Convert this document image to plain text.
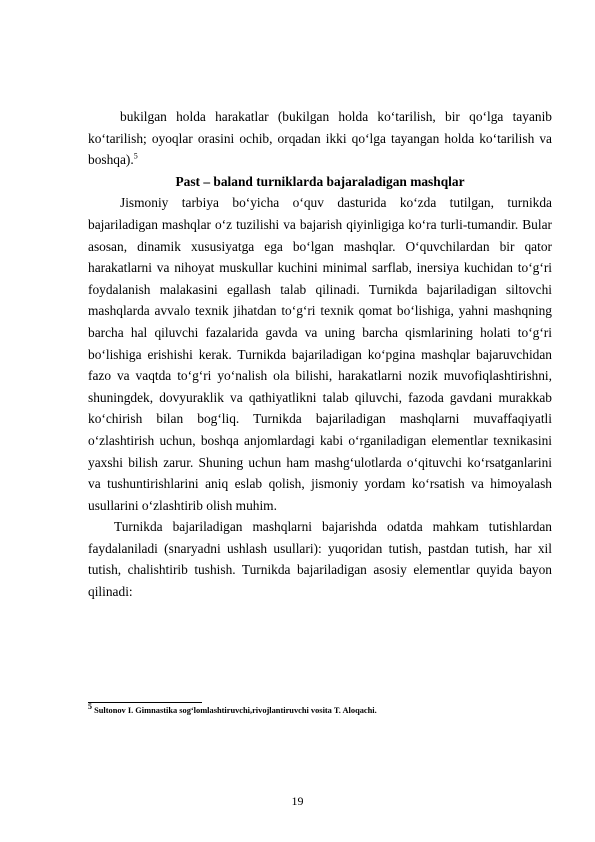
bukilgan holda harakatlar (bukilgan holda ko‘tarilish, bir qo‘lga tayanib ko‘tarilish; oyoqlar orasini ochib, orqadan ikki qo‘lga tayangan holda ko‘tarilish va boshqa).$^5$

Past – baland turniklarda bajaraladigan mashqlar

Jismoniy tarbiya bo‘yicha o‘quv dasturida ko‘zda tutilgan, turnikda bajariladigan mashqlar o‘z tuzilishi va bajarish qiyinligiga ko‘ra turli-tumandir. Bular asosan, dinamik xususiyatga ega bo‘lgan mashqlar. O‘quvchilardan bir qator harakatlarni va nihoyat muskullar kuchini minimal sarflab, inersiya kuchidan to‘g‘ri foydalanish malakasini egallash talab qilinadi. Turnikda bajariladigan siltovchi mashqlarda avvalo texnik jihatdan to‘g‘ri texnik qomat bo‘lishiga, yahni mashqning barcha hal qiluvchi fazalarida gavda va uning barcha qismlarining holati to‘g‘ri bo‘lishiga erishishi kerak. Turnikda bajariladigan ko‘pgina mashqlar bajaruvchidan fazo va vaqtda to‘g‘ri yo‘nalish ola bilishi, harakatlarni nozik muvofiqlashtirishni, shuningdek, dovyuraklik va qathiyatlikni talab qiluvchi, fazoda gavdani murakkab ko‘chirish bilan bog‘liq. Turnikda bajariladigan mashqlarni muvaffaqiyatli o‘zlashtirish uchun, boshqa anjomlardagi kabi o‘rganiladigan elementlar texnikasini yaxshi bilish zarur. Shuning uchun ham mashg‘ulotlarda o‘qituvchi ko‘rsatganlarini va tushuntirishlarini aniq eslab qolish, jismoniy yordam ko‘rsatish va himoyalash usullarini o‘zlashtirib olish muhim.

Turnikda bajariladigan mashqlarni bajarishda odatda mahkam tutishlardan faydalaniladi (snaryadni ushlash usullari): yuqoridan tutish, pastdan tutish, har xil tutish, chalishtirib tushish. Turnikda bajariladigan asosiy elementlar quyida bayon qilinadi:

$^5$ Sultonov I. Gimnastika sog‘lomlashtiruvchi,rivojlantiruvchi vosita T. Aloqachi.
19
